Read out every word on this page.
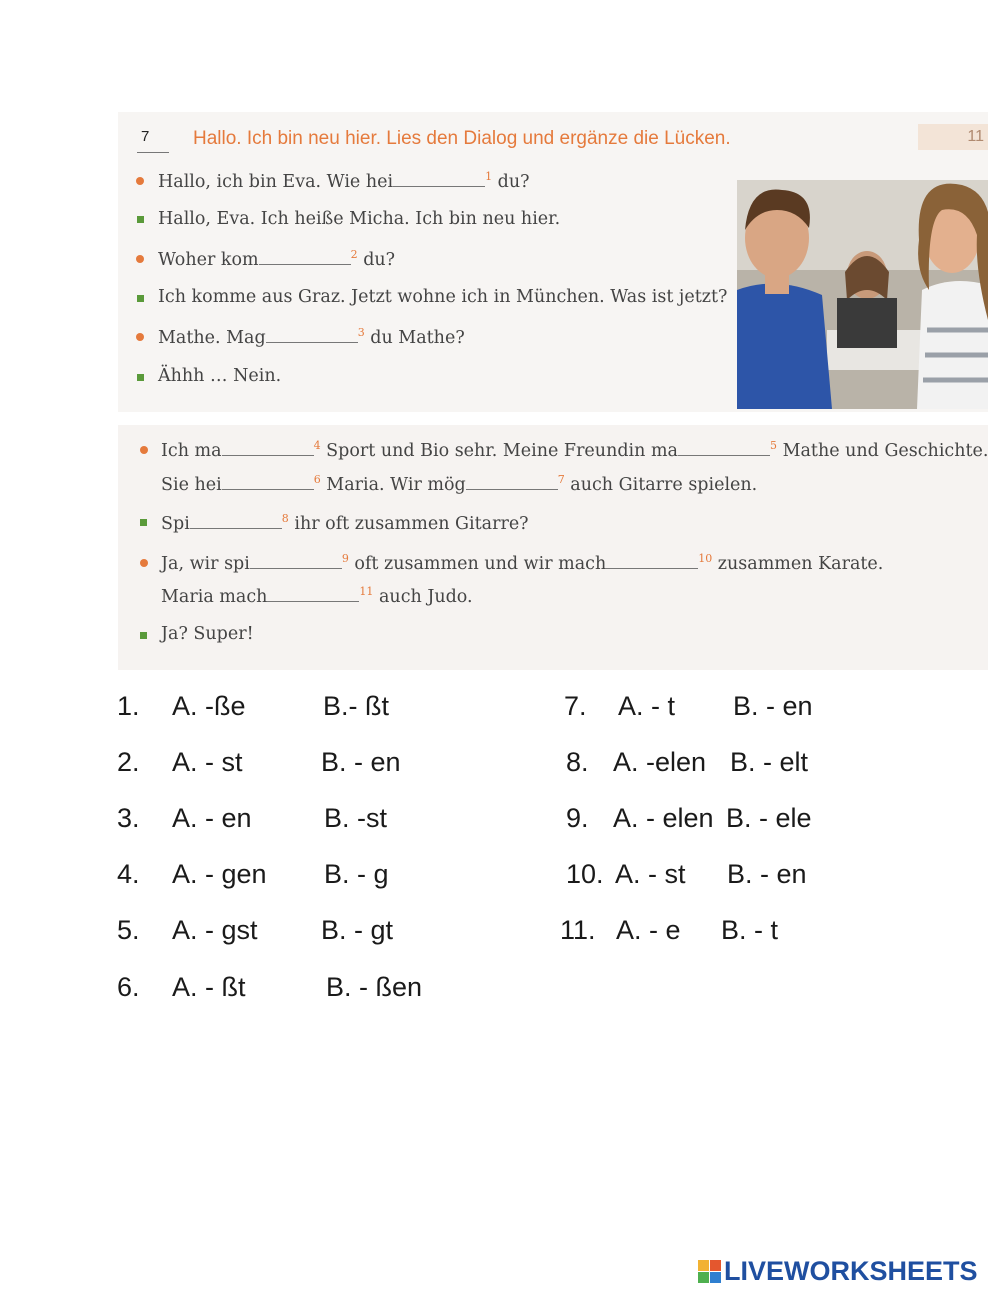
7 Hallo. Ich bin neu hier. Lies den Dialog und ergänze die Lücken.	11
Hallo, ich bin Eva. Wie hei	$^1$ du?
Hallo, Eva. Ich heiße Micha. Ich bin neu hier.
Woher kom	$^2$ du?
Ich komme aus Graz. Jetzt wohne ich in München. Was ist jetzt?
Mathe. Mag	$^3$ du Mathe?
Ähhh … Nein.
Ich ma	$^4$ Sport und Bio sehr. Meine Freundin ma	$^5$ Mathe und Geschichte.
Sie hei	$^6$ Maria. Wir mög	$^7$ auch Gitarre spielen.
Spi	$^8$ ihr oft zusammen Gitarre?
Ja, wir spi	$^9$ oft zusammen und wir mach	$^{10}$ zusammen Karate.
Maria mach	$^{11}$ auch Judo.
Ja? Super!
1. A. -ße	B.- ßt
2. A. - st	B. - en
3. A. - en	B. -st
4. A. - gen B. - g
5. A. - gst B. - gt
6. A. - ßt	B. - ßen
7. A. - t B. - en
8. A. -elen B. - elt
9. A. - elen B. - ele
10. A. - st B. - en
11. A. - e B. - t
LIVEWORKSHEETS
